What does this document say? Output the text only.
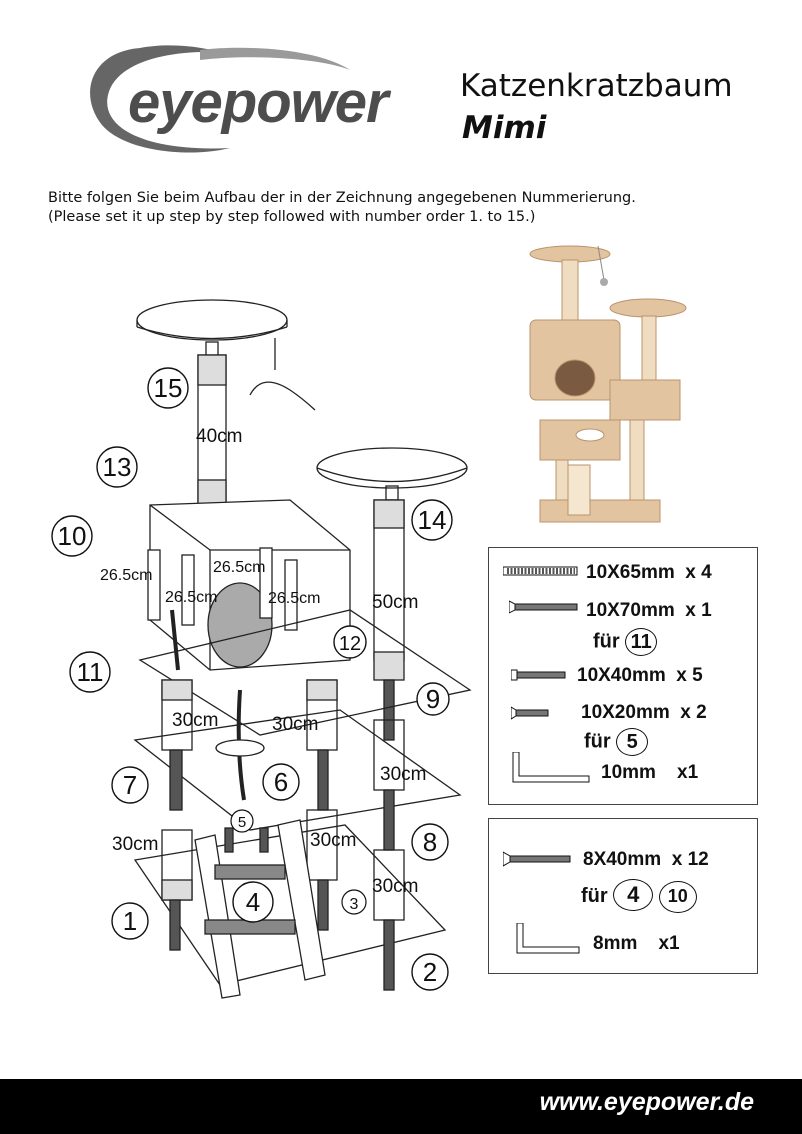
eyepower Katzenkratzbaum
Mimi
Bitte folgen Sie beim Aufbau der in der Zeichnung angegebenen Nummerierung.
(Please set it up step by step followed with number order 1. to 15.)
15
13
10
11
14
12
9
7	6
8
5
4	3
1
2
40cm
50cm
26.5cm	26.5cm
26.5cm	26.5cm
30cm	30cm
30cm
30cm	30cm
30cm
10X65mm x 4
10X70mm x 1
für 11
10X40mm x 5
10X20mm x 2
für 5
10mm x1
8X40mm x 12
für 4 10
8mm x1
www.eyepower.de
